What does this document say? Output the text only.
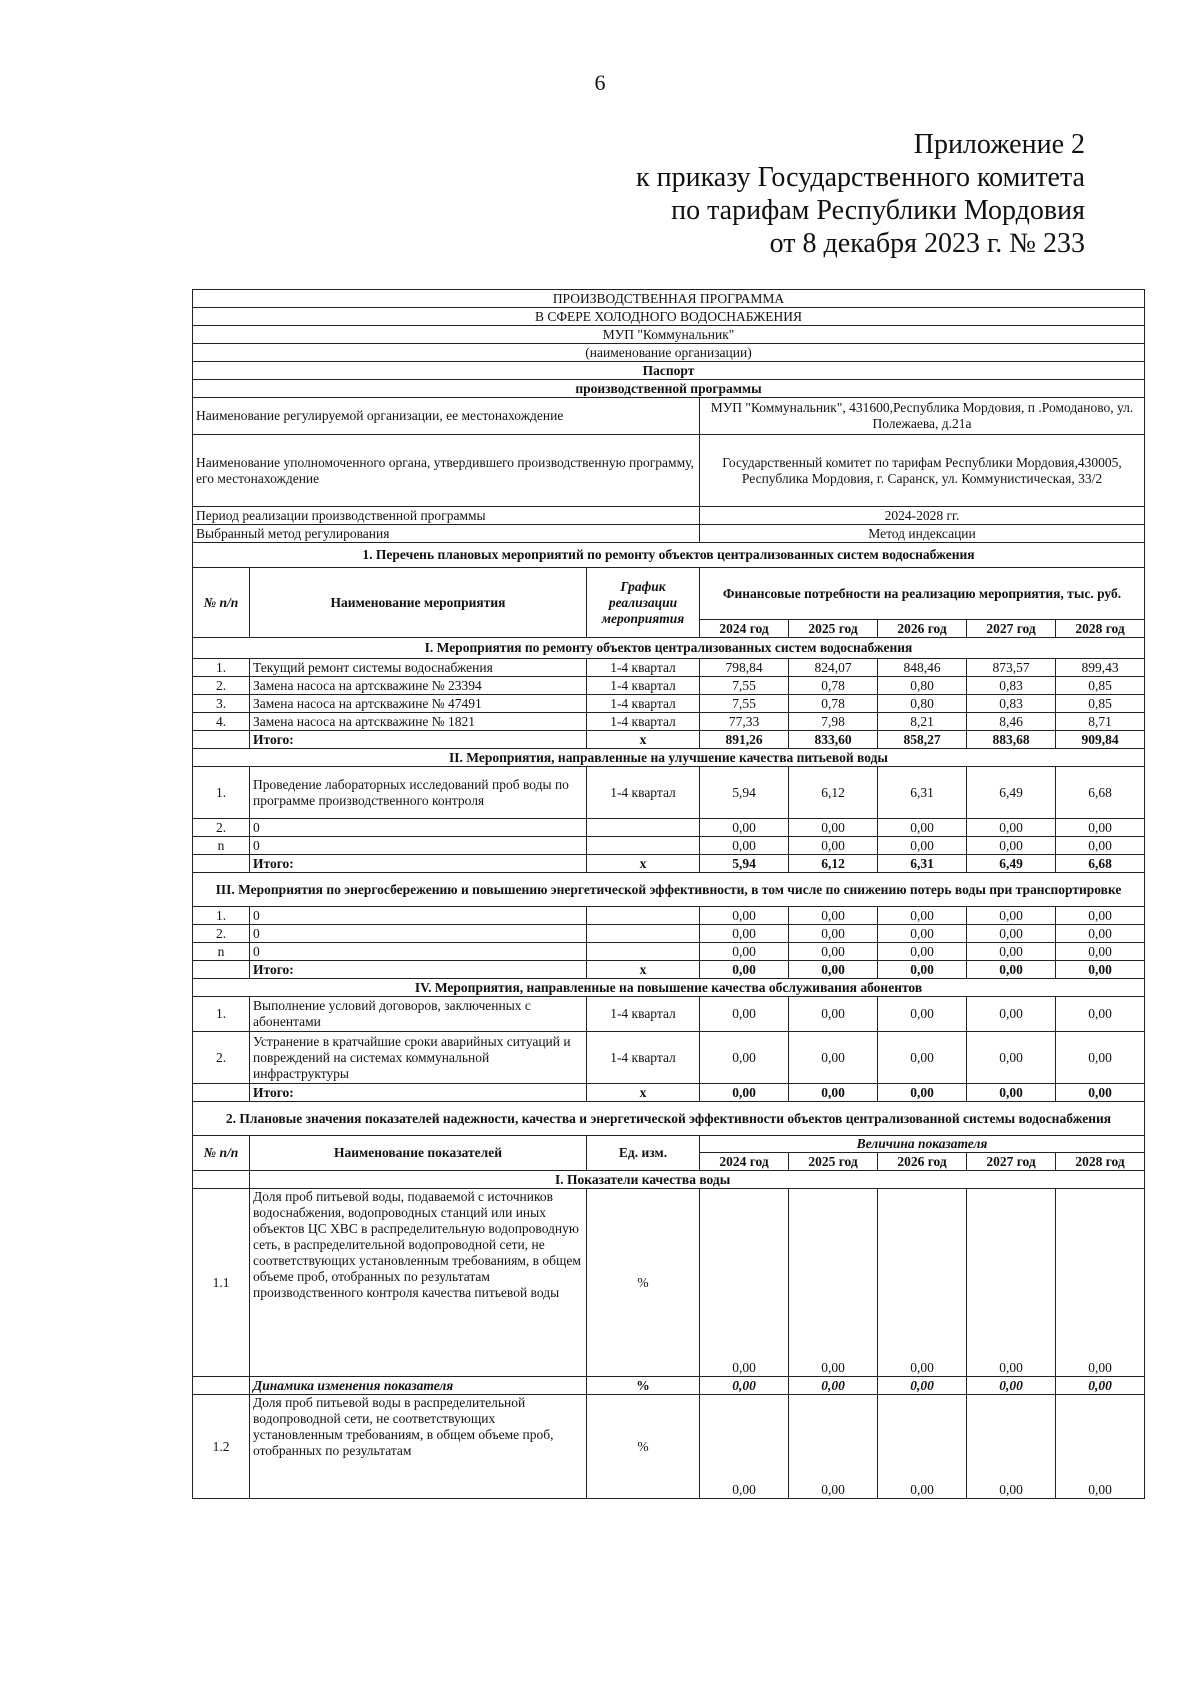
6
Приложение 2
к приказу Государственного комитета
по тарифам Республики Мордовия
от 8 декабря 2023 г. № 233
ПРОИЗВОДСТВЕННАЯ ПРОГРАММА							
В СФЕРЕ ХОЛОДНОГО ВОДОСНАБЖЕНИЯ							
МУП "Коммунальник"							
(наименование организации)							
Паспорт							
производственной программы							
Наименование регулируемой организации, ее местонахождение			МУП "Коммунальник", 431600,Республика Мордовия, п .Ромоданово, ул. Полежаева, д.21а				
Наименование уполномоченного органа, утвердившего производственную программу, его местонахождение			Государственный комитет по тарифам Республики Мордовия,430005, Республика Мордовия, г. Саранск, ул. Коммунистическая, 33/2				
Период реализации производственной программы			2024-2028 гг.				
Выбранный метод регулирования			Метод индексации				
1. Перечень плановых мероприятий по ремонту объектов централизованных систем водоснабжения							
№ п/п	Наименование мероприятия	График реализации мероприятия	Финансовые потребности на реализацию мероприятия, тыс. руб.				
			2024 год	2025 год	2026 год	2027 год	2028 год
I. Мероприятия по ремонту объектов централизованных систем водоснабжения							
1.	Текущий ремонт системы водоснабжения	1-4 квартал	798,84	824,07	848,46	873,57	899,43
2.	Замена насоса на артскважине № 23394	1-4 квартал	7,55	0,78	0,80	0,83	0,85
3.	Замена насоса на артскважине № 47491	1-4 квартал	7,55	0,78	0,80	0,83	0,85
4.	Замена насоса на артскважине № 1821	1-4 квартал	77,33	7,98	8,21	8,46	8,71
	Итого:	x	891,26	833,60	858,27	883,68	909,84
II. Мероприятия, направленные на улучшение качества питьевой воды							
1.	Проведение лабораторных исследований проб воды по программе производственного контроля	1-4 квартал	5,94	6,12	6,31	6,49	6,68
2.	0		0,00	0,00	0,00	0,00	0,00
n	0		0,00	0,00	0,00	0,00	0,00
	Итого:	x	5,94	6,12	6,31	6,49	6,68
III. Мероприятия по энергосбережению и повышению энергетической эффективности, в том числе по снижению потерь воды при транспортировке							
1.	0		0,00	0,00	0,00	0,00	0,00
2.	0		0,00	0,00	0,00	0,00	0,00
n	0		0,00	0,00	0,00	0,00	0,00
	Итого:	x	0,00	0,00	0,00	0,00	0,00
IV. Мероприятия, направленные на повышение качества обслуживания абонентов							
1.	Выполнение условий договоров, заключенных с абонентами	1-4 квартал	0,00	0,00	0,00	0,00	0,00
2.	Устранение в кратчайшие сроки аварийных ситуаций и повреждений на системах коммунальной инфраструктуры	1-4 квартал	0,00	0,00	0,00	0,00	0,00
	Итого:	x	0,00	0,00	0,00	0,00	0,00
2. Плановые значения показателей надежности, качества и энергетической эффективности объектов централизованной системы водоснабжения							
№ п/п	Наименование показателей	Ед. изм.	Величина показателя				
			2024 год	2025 год	2026 год	2027 год	2028 год
	I. Показатели качества воды						
1.1	Доля проб питьевой воды, подаваемой с источников водоснабжения, водопроводных станций или иных объектов ЦС ХВС в распределительную водопроводную сеть, в распределительной водопроводной сети, не соответствующих установленным требованиям, в общем объеме проб, отобранных по результатам производственного контроля качества питьевой воды	%	0,00	0,00	0,00	0,00	0,00
	Динамика изменения показателя	%	0,00	0,00	0,00	0,00	0,00
1.2	Доля проб питьевой воды в распределительной водопроводной сети, не соответствующих установленным требованиям, в общем объеме проб, отобранных по результатам	%	0,00	0,00	0,00	0,00	0,00
